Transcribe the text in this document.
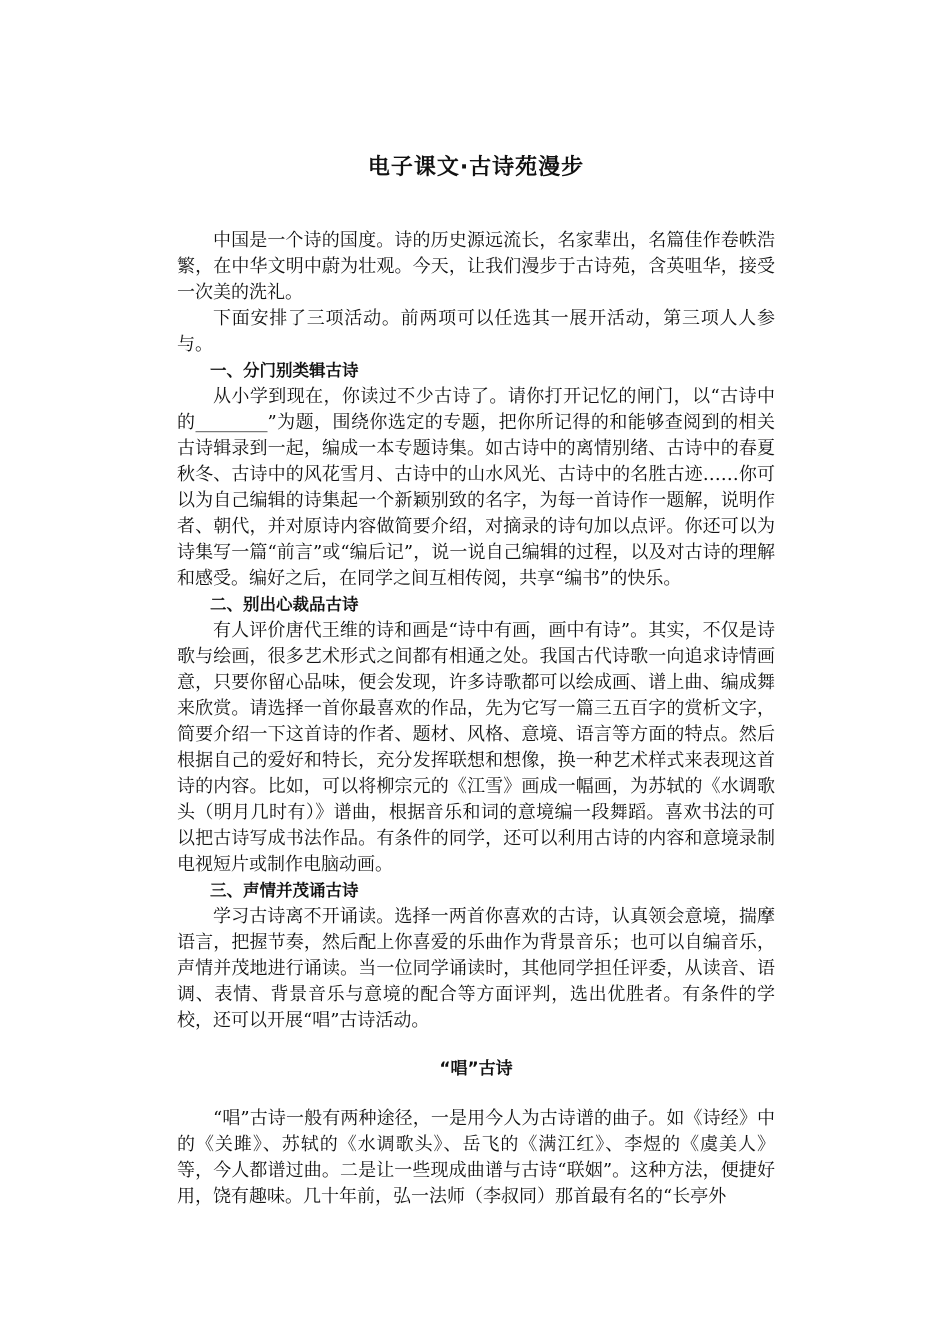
电子课文·古诗苑漫步

中国是一个诗的国度。诗的历史源远流长，名家辈出，名篇佳作卷帙浩繁，在中华文明中蔚为壮观。今天，让我们漫步于古诗苑，含英咀华，接受一次美的洗礼。

下面安排了三项活动。前两项可以任选其一展开活动，第三项人人参与。

一、分门别类辑古诗

从小学到现在，你读过不少古诗了。请你打开记忆的闸门，以“古诗中的________”为题，围绕你选定的专题，把你所记得的和能够查阅到的相关古诗辑录到一起，编成一本专题诗集。如古诗中的离情别绪、古诗中的春夏秋冬、古诗中的风花雪月、古诗中的山水风光、古诗中的名胜古迹……你可以为自己编辑的诗集起一个新颖别致的名字，为每一首诗作一题解，说明作者、朝代，并对原诗内容做简要介绍，对摘录的诗句加以点评。你还可以为诗集写一篇“前言”或“编后记”，说一说自己编辑的过程，以及对古诗的理解和感受。编好之后，在同学之间互相传阅，共享“编书”的快乐。

二、别出心裁品古诗

有人评价唐代王维的诗和画是“诗中有画，画中有诗”。其实，不仅是诗歌与绘画，很多艺术形式之间都有相通之处。我国古代诗歌一向追求诗情画意，只要你留心品味，便会发现，许多诗歌都可以绘成画、谱上曲、编成舞来欣赏。请选择一首你最喜欢的作品，先为它写一篇三五百字的赏析文字，简要介绍一下这首诗的作者、题材、风格、意境、语言等方面的特点。然后根据自己的爱好和特长，充分发挥联想和想像，换一种艺术样式来表现这首诗的内容。比如，可以将柳宗元的《江雪》画成一幅画，为苏轼的《水调歌头（明月几时有）》谱曲，根据音乐和词的意境编一段舞蹈。喜欢书法的可以把古诗写成书法作品。有条件的同学，还可以利用古诗的内容和意境录制电视短片或制作电脑动画。

三、声情并茂诵古诗

学习古诗离不开诵读。选择一两首你喜欢的古诗，认真领会意境，揣摩语言，把握节奏，然后配上你喜爱的乐曲作为背景音乐；也可以自编音乐，声情并茂地进行诵读。当一位同学诵读时，其他同学担任评委，从读音、语调、表情、背景音乐与意境的配合等方面评判，选出优胜者。有条件的学校，还可以开展“唱”古诗活动。

“唱”古诗

“唱”古诗一般有两种途径，一是用今人为古诗谱的曲子。如《诗经》中的《关雎》、苏轼的《水调歌头》、岳飞的《满江红》、李煜的《虞美人》等，今人都谱过曲。二是让一些现成曲谱与古诗“联姻”。这种方法，便捷好用，饶有趣味。几十年前，弘一法师（李叔同）那首最有名的“长亭外
